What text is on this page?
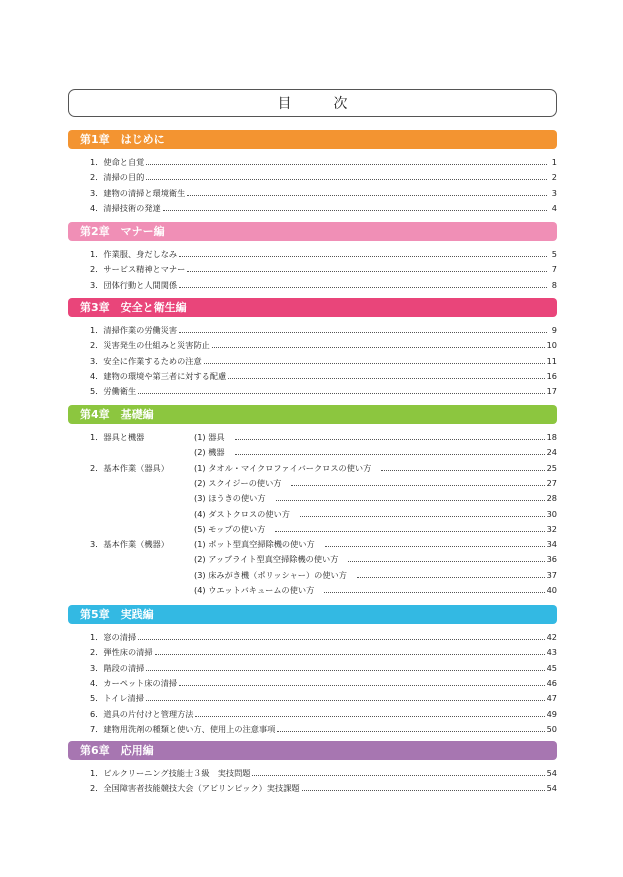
目　次
第1章　はじめに
1．使命と自覚	1
2．清掃の目的	2
3．建物の清掃と環境衛生	3
4．清掃技術の発達	4
第2章　マナー編
1．作業服、身だしなみ	5
2．サービス精神とマナー	7
3．団体行動と人間関係	8
第3章　安全と衛生編
1．清掃作業の労働災害	9
2．災害発生の仕組みと災害防止	10
3．安全に作業するための注意	11
4．建物の環境や第三者に対する配慮	16
5．労働衛生	17
第4章　基礎編
1．器具と機器	(1) 器具	18
(2) 機器	24
2．基本作業（器具）	(1) タオル・マイクロファイバークロスの使い方	25
(2) スクイジーの使い方	27
(3) ほうきの使い方	28
(4) ダストクロスの使い方	30
(5) モップの使い方	32
3．基本作業（機器）	(1) ポット型真空掃除機の使い方	34
(2) アップライト型真空掃除機の使い方	36
(3) 床みがき機（ポリッシャー）の使い方	37
(4) ウエットバキュームの使い方	40
第5章　実践編
1．窓の清掃	42
2．弾性床の清掃	43
3．階段の清掃	45
4．カーペット床の清掃	46
5．トイレ清掃	47
6．道具の片付けと管理方法	49
7．建物用洗剤の種類と使い方、使用上の注意事項	50
第6章　応用編
1．ビルクリーニング技能士３級　実技問題	54
2．全国障害者技能競技大会（アビリンピック）実技課題	54
